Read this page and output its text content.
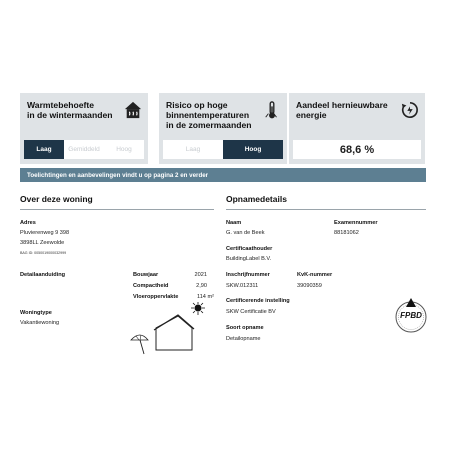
Warmtebehoefte
in de wintermaanden
Laag	Gemiddeld	Hoog
Risico op hoge
binnentemperaturen
in de zomermaanden
Laag	Hoog
Aandeel hernieuwbare
energie
68,6 %
Toelichtingen en aanbevelingen vindt u op pagina 2 en verder
Over deze woning
Adres
Pluvierenweg 9 398
3898LL Zeewolde
BAG ID: 0050019000032999
Detailaanduiding
Woningtype
Vakantiewoning
Bouwjaar	2021
Compactheid	2,90
Vloeroppervlakte	114 m²
Opnamedetails
Naam
G. van de Beek
Examennummer
88181062
Certificaathouder
BuildingLabel B.V.
Inschrijfnummer
SKW.012311
KvK-nummer
39090359
Certificerende instelling
SKW Certificatie BV
Soort opname
Detailopname
FPBD
